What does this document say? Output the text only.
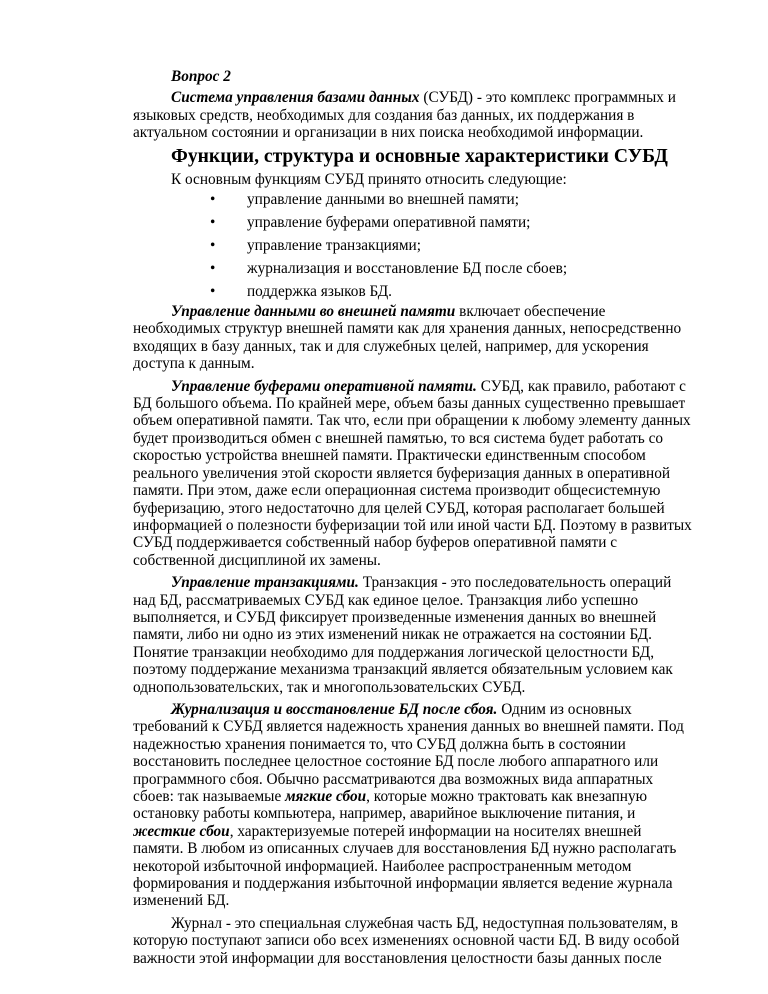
Вопрос 2

Система управления базами данных (СУБД) - это комплекс программных и языковых средств, необходимых для создания баз данных, их поддержания в актуальном состоянии и организации в них поиска необходимой информации.

Функции, структура и основные характеристики СУБД

К основным функциям СУБД принято относить следующие:

• управление данными во внешней памяти;
• управление буферами оперативной памяти;
• управление транзакциями;
• журнализация и восстановление БД после сбоев;
• поддержка языков БД.

Управление данными во внешней памяти включает обеспечение необходимых структур внешней памяти как для хранения данных, непосредственно входящих в базу данных, так и для служебных целей, например, для ускорения доступа к данным.

Управление буферами оперативной памяти. СУБД, как правило, работают с БД большого объема. По крайней мере, объем базы данных существенно превышает объем оперативной памяти. Так что, если при обращении к любому элементу данных будет производиться обмен с внешней памятью, то вся система будет работать со скоростью устройства внешней памяти. Практически единственным способом реального увеличения этой скорости является буферизация данных в оперативной памяти. При этом, даже если операционная система производит общесистемную буферизацию, этого недостаточно для целей СУБД, которая располагает большей информацией о полезности буферизации той или иной части БД. Поэтому в развитых СУБД поддерживается собственный набор буферов оперативной памяти с собственной дисциплиной их замены.

Управление транзакциями. Транзакция - это последовательность операций над БД, рассматриваемых СУБД как единое целое. Транзакция либо успешно выполняется, и СУБД фиксирует произведенные изменения данных во внешней памяти, либо ни одно из этих изменений никак не отражается на состоянии БД. Понятие транзакции необходимо для поддержания логической целостности БД, поэтому поддержание механизма транзакций является обязательным условием как однопользовательских, так и многопользовательских СУБД.

Журнализация и восстановление БД после сбоя. Одним из основных требований к СУБД является надежность хранения данных во внешней памяти. Под надежностью хранения понимается то, что СУБД должна быть в состоянии восстановить последнее целостное состояние БД после любого аппаратного или программного сбоя. Обычно рассматриваются два возможных вида аппаратных сбоев: так называемые мягкие сбои, которые можно трактовать как внезапную остановку работы компьютера, например, аварийное выключение питания, и жесткие сбои, характеризуемые потерей информации на носителях внешней памяти. В любом из описанных случаев для восстановления БД нужно располагать некоторой избыточной информацией. Наиболее распространенным методом формирования и поддержания избыточной информации является ведение журнала изменений БД.

Журнал - это специальная служебная часть БД, недоступная пользователям, в которую поступают записи обо всех изменениях основной части БД. В виду особой важности этой информации для восстановления целостности базы данных после
